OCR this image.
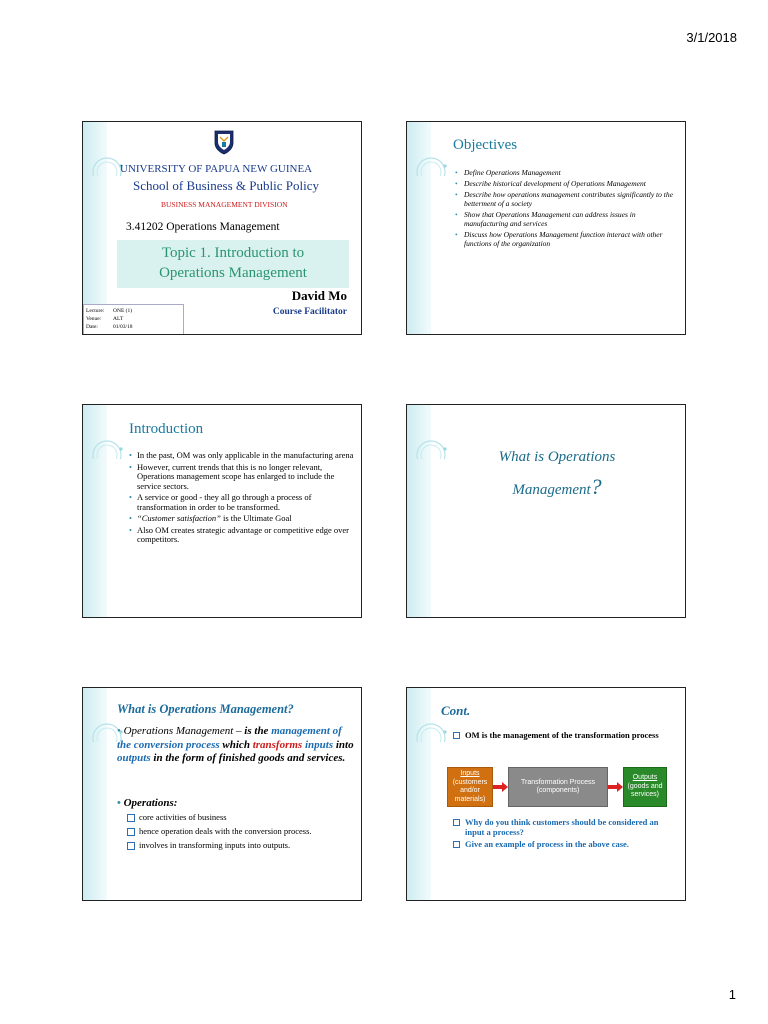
3/1/2018
UNIVERSITY OF PAPUA NEW GUINEA
School of Business & Public Policy
BUSINESS MANAGEMENT DIVISION
3.41202 Operations Management
Topic 1. Introduction to
Operations Management
David Mo
Course Facilitator
Lecture:	ONE (1)
Venue:	ALT
Date:	01/03/18
Objectives
• Define Operations Management
• Describe historical development of Operations Management
• Describe how operations management contributes significantly to the betterment of a society
• Show that Operations Management can address issues in manufacturing and services
• Discuss how Operations Management function interact with other functions of the organization
Introduction
• In the past, OM was only applicable in the manufacturing arena
• However, current trends that this is no longer relevant, Operations management scope has enlarged to include the service sectors.
• A service or good - they all go through a process of transformation in order to be transformed.
• “Customer satisfaction” is the Ultimate Goal
• Also OM creates strategic advantage or competitive edge over competitors.
What is Operations
Management?
What is Operations Management?
• Operations Management – is the management of the conversion process which transforms inputs into outputs in the form of finished goods and services.
• Operations:
core activities of business
hence operation deals with the conversion process.
involves in transforming inputs into outputs.
Cont.
OM is the management of the transformation process
Inputs
(customers and/or materials)
Transformation Process (components)
Outputs
(goods and services)
Why do you think customers should be considered an input a process?
Give an example of process in the above case.
1
